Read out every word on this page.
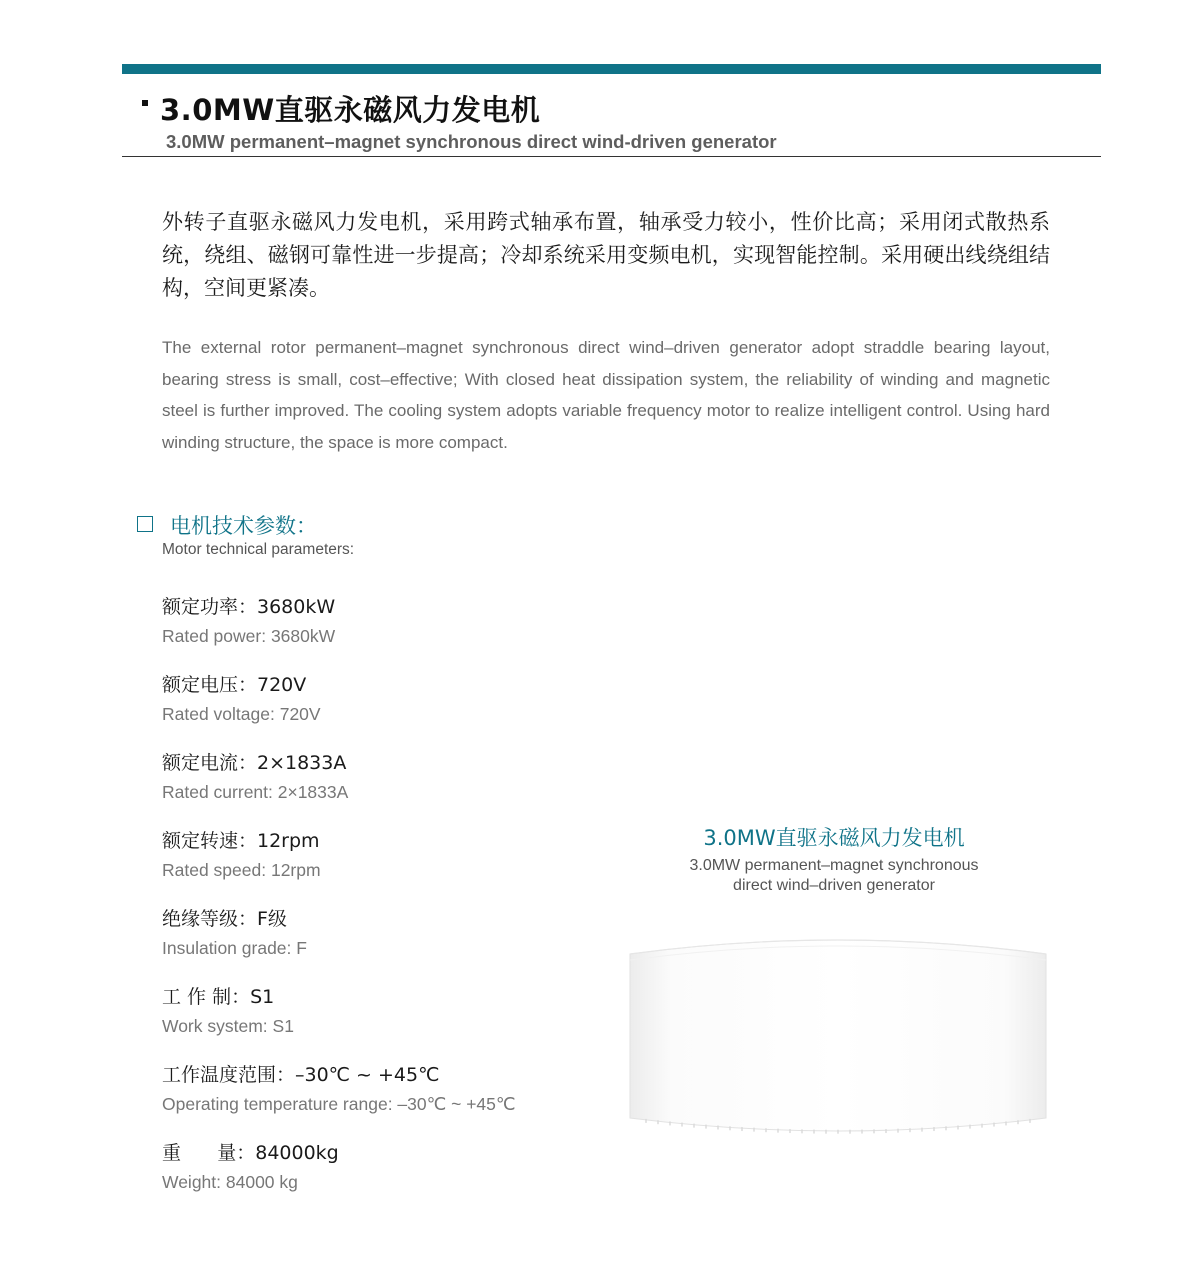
3.0MW直驱永磁风力发电机
3.0MW permanent–magnet synchronous direct wind-driven generator

外转子直驱永磁风力发电机，采用跨式轴承布置，轴承受力较小，性价比高；采用闭式散热系统，绕组、磁钢可靠性进一步提高；冷却系统采用变频电机，实现智能控制。采用硬出线绕组结构，空间更紧凑。

The external rotor permanent–magnet synchronous direct wind–driven generator adopt straddle bearing layout, bearing stress is small, cost–effective; With closed heat dissipation system, the reliability of winding and magnetic steel is further improved. The cooling system adopts variable frequency motor to realize intelligent control. Using hard winding structure, the space is more compact.

电机技术参数：
Motor technical parameters:
额定功率：3680kW
Rated power: 3680kW
额定电压：720V
Rated voltage: 720V
额定电流：2×1833A
Rated current: 2×1833A
额定转速：12rpm
Rated speed: 12rpm
绝缘等级：F级
Insulation grade: F
工 作 制：S1
Work system: S1
工作温度范围：–30℃ ~ +45℃
Operating temperature range: –30℃ ~ +45℃
重      量：84000kg
Weight: 84000 kg
3.0MW直驱永磁风力发电机
3.0MW permanent–magnet synchronous
direct wind–driven generator
